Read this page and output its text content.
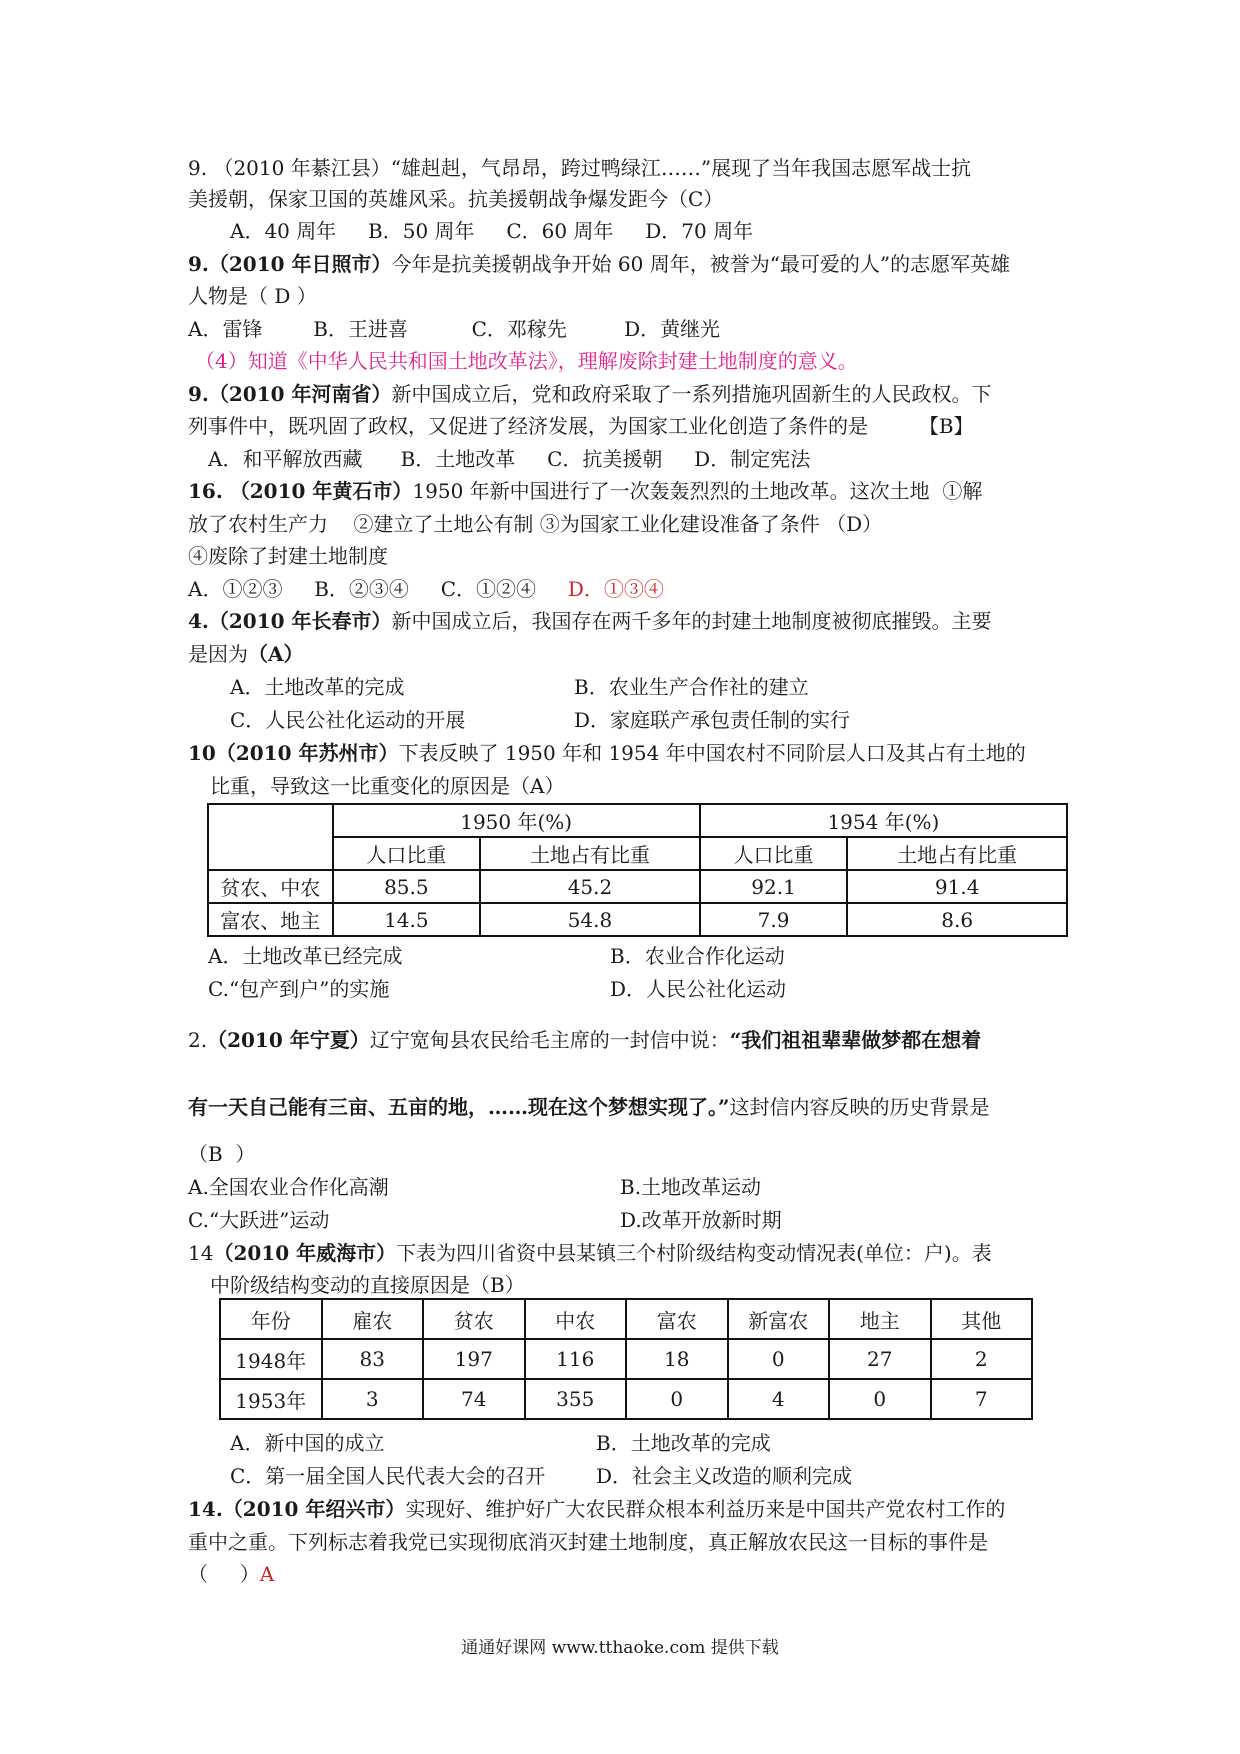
9. （2010 年綦江县）“雄赳赳，气昂昂，跨过鸭绿江……”展现了当年我国志愿军战士抗
美援朝，保家卫国的英雄风采。抗美援朝战争爆发距今（C）
A．40 周年     B．50 周年     C．60 周年     D．70 周年
9.（2010 年日照市）今年是抗美援朝战争开始 60 周年，被誉为“最可爱的人”的志愿军英雄
人物是（ D ）
A．雷锋        B．王进喜          C．邓稼先         D．黄继光
（4）知道《中华人民共和国土地改革法》，理解废除封建土地制度的意义。
9.（2010 年河南省）新中国成立后，党和政府采取了一系列措施巩固新生的人民政权。下
列事件中，既巩固了政权，又促进了经济发展，为国家工业化创造了条件的是        【B】
A．和平解放西藏      B．土地改革     C．抗美援朝     D．制定宪法
16. （2010 年黄石市）1950 年新中国进行了一次轰轰烈烈的土地改革。这次土地  ①解
放了农村生产力    ②建立了土地公有制 ③为国家工业化建设准备了条件 （D）
④废除了封建土地制度
A．①②③     B．②③④     C．①②④     D．①③④
4.（2010 年长春市）新中国成立后，我国存在两千多年的封建土地制度被彻底摧毁。主要
是因为（A）
A．土地改革的完成	B．农业生产合作社的建立
C．人民公社化运动的开展	D．家庭联产承包责任制的实行
10（2010 年苏州市）下表反映了 1950 年和 1954 年中国农村不同阶层人口及其占有土地的
比重，导致这一比重变化的原因是（A）
	1950 年(%)		1954 年(%)	
	人口比重	土地占有比重	人口比重	土地占有比重
贫农、中农	85.5	45.2	92.1	91.4
富农、地主	14.5	54.8	7.9	8.6
A．土地改革已经完成	B．农业合作化运动
C.“包产到户”的实施	D．人民公社化运动
2.（2010 年宁夏）辽宁宽甸县农民给毛主席的一封信中说：“我们祖祖辈辈做梦都在想着
有一天自己能有三亩、五亩的地，……现在这个梦想实现了。”这封信内容反映的历史背景是
（B  ）
A.全国农业合作化高潮	B.土地改革运动
C.“大跃进”运动	D.改革开放新时期
14（2010 年威海市）下表为四川省资中县某镇三个村阶级结构变动情况表(单位：户)。表
中阶级结构变动的直接原因是（B）
年份	雇农	贫农	中农	富农	新富农	地主	其他
1948年	83	197	116	18	0	27	2
1953年	3	74	355	0	4	0	7
A．新中国的成立	B．土地改革的完成
C．第一届全国人民代表大会的召开	D．社会主义改造的顺利完成
14.（2010 年绍兴市）实现好、维护好广大农民群众根本利益历来是中国共产党农村工作的
重中之重。下列标志着我党已实现彻底消灭封建土地制度，真正解放农民这一目标的事件是
（     ）A
通通好课网 www.tthaoke.com 提供下载
